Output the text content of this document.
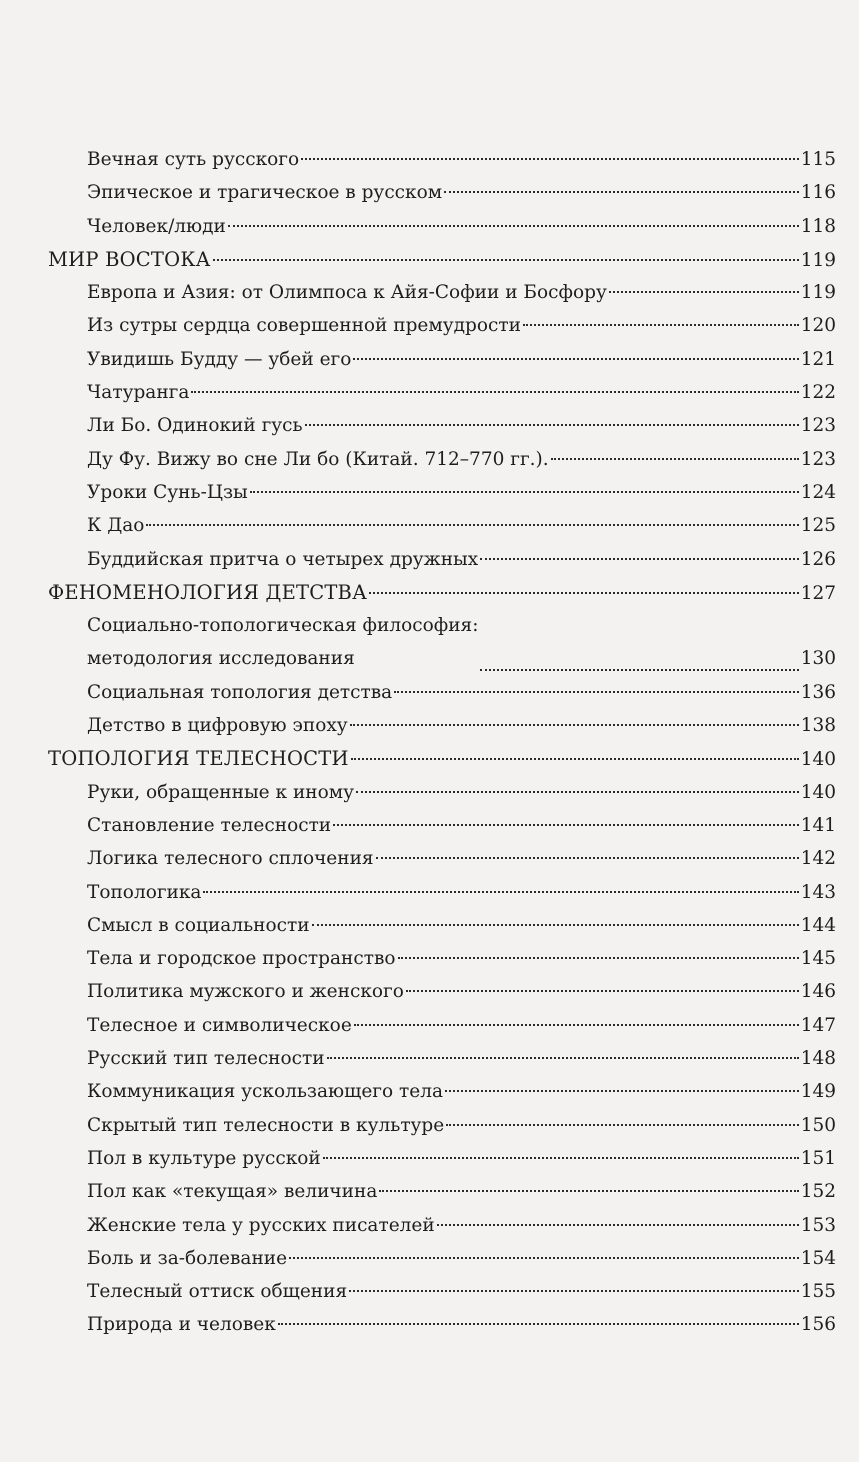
Вечная суть русского	115
Эпическое и трагическое в русском	116
Человек/люди	118
МИР ВОСТОКА	119
Европа и Азия: от Олимпоса к Айя-Софии и Босфору	119
Из сутры сердца совершенной премудрости	120
Увидишь Будду — убей его	121
Чатуранга	122
Ли Бо. Одинокий гусь	123
Ду Фу. Вижу во сне Ли бо (Китай. 712–770 гг.).	123
Уроки Сунь-Цзы	124
К Дао	125
Буддийская притча о четырех дружных	126
ФЕНОМЕНОЛОГИЯ ДЕТСТВА	127
Социально-топологическая философия:
методология исследования	130
Социальная топология детства	136
Детство в цифровую эпоху	138
ТОПОЛОГИЯ ТЕЛЕСНОСТИ	140
Руки, обращенные к иному	140
Становление телесности	141
Логика телесного сплочения	142
Топологика	143
Смысл в социальности	144
Тела и городское пространство	145
Политика мужского и женского	146
Телесное и символическое	147
Русский тип телесности	148
Коммуникация ускользающего тела	149
Скрытый тип телесности в культуре	150
Пол в культуре русской	151
Пол как «текущая» величина	152
Женские тела у русских писателей	153
Боль и за-болевание	154
Телесный оттиск общения	155
Природа и человек	156
